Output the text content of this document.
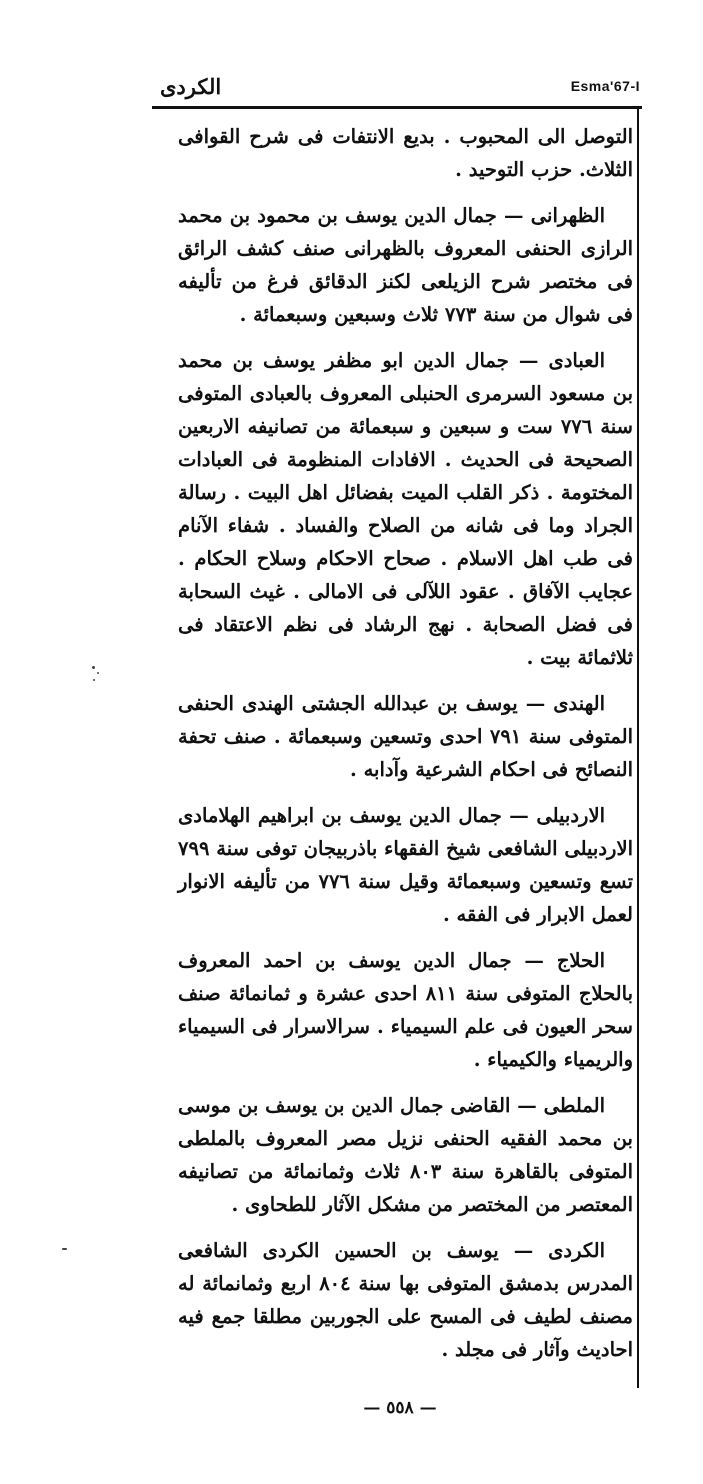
الكردى	Esma'67-I

التوصل الى المحبوب . بديع الانتفات فى شرح القوافى الثلاث. حزب التوحيد .

الظهرانى — جمال الدين يوسف بن محمود بن محمد الرازى الحنفى المعروف بالظهرانى صنف كشف الرائق فى مختصر شرح الزيلعى لكنز الدقائق فرغ من تأليفه فى شوال من سنة ٧٧٣ ثلاث وسبعين وسبعمائة .

العبادى — جمال الدين ابو مظفر يوسف بن محمد بن مسعود السرمرى الحنبلى المعروف بالعبادى المتوفى سنة ٧٧٦ ست و سبعين و سبعمائة من تصانيفه الاربعين الصحيحة فى الحديث . الافادات المنظومة فى العبادات المختومة . ذكر القلب الميت بفضائل اهل البيت . رسالة الجراد وما فى شانه من الصلاح والفساد . شفاء الآنام فى طب اهل الاسلام . صحاح الاحكام وسلاح الحكام . عجايب الآفاق . عقود اللآلى فى الامالى . غيث السحابة فى فضل الصحابة . نهج الرشاد فى نظم الاعتقاد فى ثلاثمائة بيت .

الهندى — يوسف بن عبدالله الجشتى الهندى الحنفى المتوفى سنة ٧٩١ احدى وتسعين وسبعمائة . صنف تحفة النصائح فى احكام الشرعية وآدابه .

الاردبيلى — جمال الدين يوسف بن ابراهيم الهلامادى الاردبيلى الشافعى شيخ الفقهاء باذربيجان توفى سنة ٧٩٩ تسع وتسعين وسبعمائة وقيل سنة ٧٧٦ من تأليفه الانوار لعمل الابرار فى الفقه .

الحلاج — جمال الدين يوسف بن احمد المعروف بالحلاج المتوفى سنة ٨١١ احدى عشرة و ثمانمائة صنف سحر العيون فى علم السيمياء . سرالاسرار فى السيمياء والريمياء والكيمياء .

الملطى — القاضى جمال الدين بن يوسف بن موسى بن محمد الفقيه الحنفى نزيل مصر المعروف بالملطى المتوفى بالقاهرة سنة ٨٠٣ ثلاث وثمانمائة من تصانيفه المعتصر من المختصر من مشكل الآثار للطحاوى .

الكردى — يوسف بن الحسين الكردى الشافعى المدرس بدمشق المتوفى بها سنة ٨٠٤ اربع وثمانمائة له مصنف لطيف فى المسح على الجوربين مطلقا جمع فيه احاديث وآثار فى مجلد .

— ٥٥٨ —
